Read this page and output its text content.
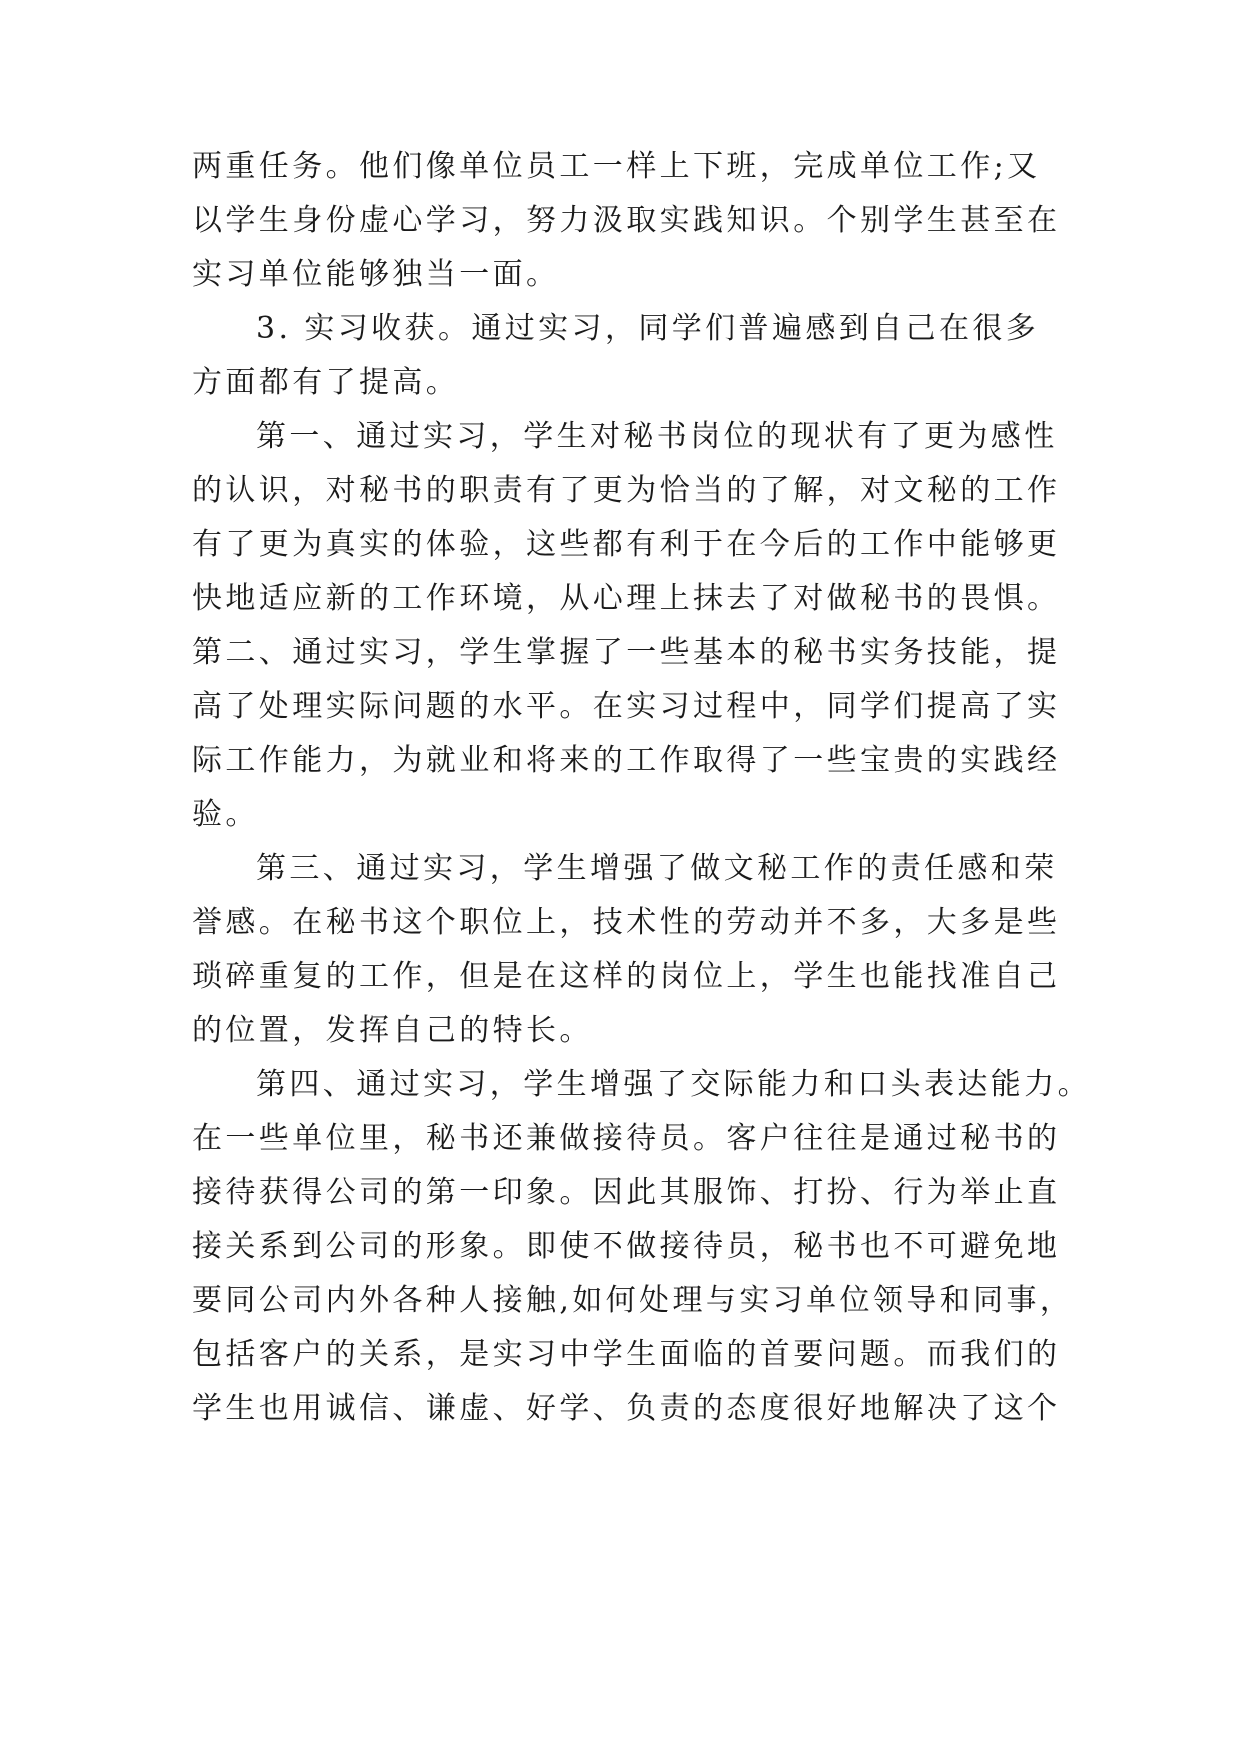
两重任务。他们像单位员工一样上下班，完成单位工作;又
以学生身份虚心学习，努力汲取实践知识。个别学生甚至在
实习单位能够独当一面。
3. 实习收获。通过实习，同学们普遍感到自己在很多
方面都有了提高。
第一、通过实习，学生对秘书岗位的现状有了更为感性
的认识，对秘书的职责有了更为恰当的了解，对文秘的工作
有了更为真实的体验，这些都有利于在今后的工作中能够更
快地适应新的工作环境，从心理上抹去了对做秘书的畏惧。
第二、通过实习，学生掌握了一些基本的秘书实务技能，提
高了处理实际问题的水平。在实习过程中，同学们提高了实
际工作能力，为就业和将来的工作取得了一些宝贵的实践经
验。
第三、通过实习，学生增强了做文秘工作的责任感和荣
誉感。在秘书这个职位上，技术性的劳动并不多，大多是些
琐碎重复的工作，但是在这样的岗位上，学生也能找准自己
的位置，发挥自己的特长。
第四、通过实习，学生增强了交际能力和口头表达能力。
在一些单位里，秘书还兼做接待员。客户往往是通过秘书的
接待获得公司的第一印象。因此其服饰、打扮、行为举止直
接关系到公司的形象。即使不做接待员，秘书也不可避免地
要同公司内外各种人接触,如何处理与实习单位领导和同事，
包括客户的关系，是实习中学生面临的首要问题。而我们的
学生也用诚信、谦虚、好学、负责的态度很好地解决了这个
